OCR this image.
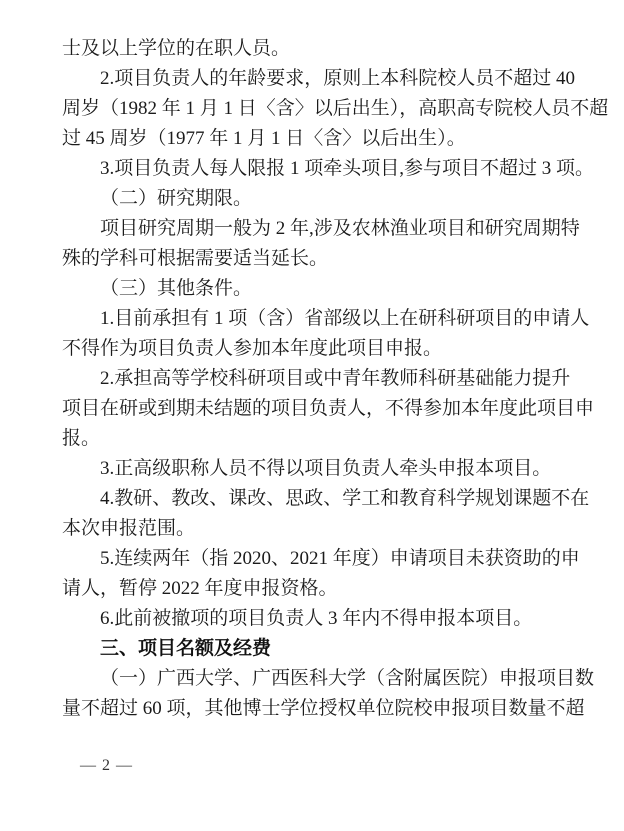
士及以上学位的在职人员。
2.项目负责人的年龄要求，原则上本科院校人员不超过 40
周岁（1982 年 1 月 1 日〈含〉以后出生），高职高专院校人员不超
过 45 周岁（1977 年 1 月 1 日〈含〉以后出生）。
3.项目负责人每人限报 1 项牵头项目,参与项目不超过 3 项。
（二）研究期限。
项目研究周期一般为 2 年,涉及农林渔业项目和研究周期特
殊的学科可根据需要适当延长。
（三）其他条件。
1.目前承担有 1 项（含）省部级以上在研科研项目的申请人
不得作为项目负责人参加本年度此项目申报。
2.承担高等学校科研项目或中青年教师科研基础能力提升
项目在研或到期未结题的项目负责人，不得参加本年度此项目申
报。
3.正高级职称人员不得以项目负责人牵头申报本项目。
4.教研、教改、课改、思政、学工和教育科学规划课题不在
本次申报范围。
5.连续两年（指 2020、2021 年度）申请项目未获资助的申
请人，暂停 2022 年度申报资格。
6.此前被撤项的项目负责人 3 年内不得申报本项目。
三、项目名额及经费
（一）广西大学、广西医科大学（含附属医院）申报项目数
量不超过 60 项，其他博士学位授权单位院校申报项目数量不超
— 2 —
